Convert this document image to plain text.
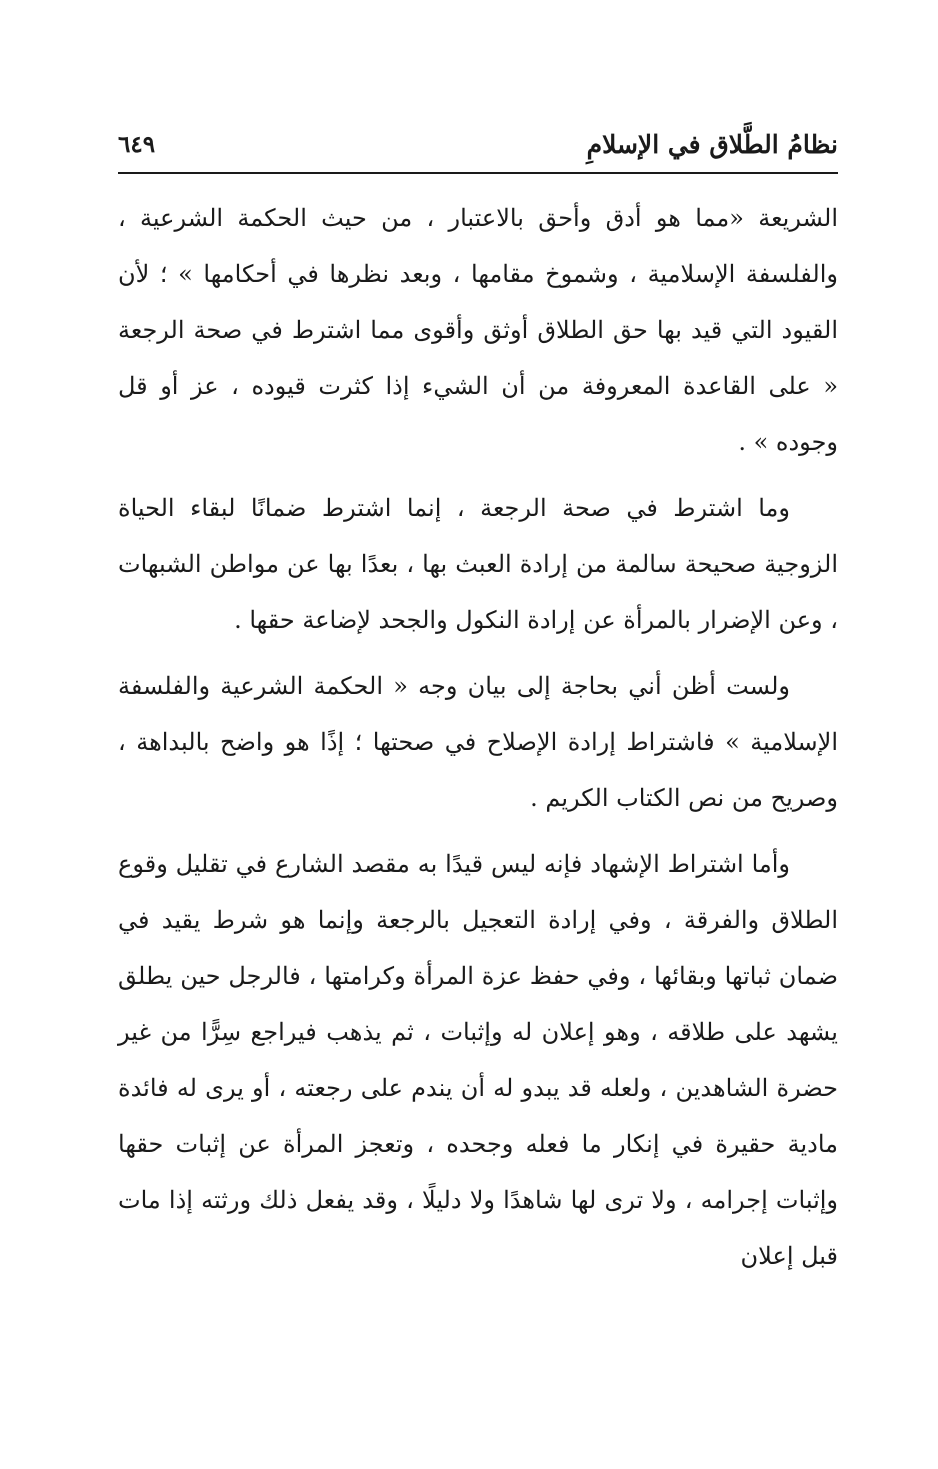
نظامُ الطَّلاق في الإسلامِ
٦٤٩

الشريعة «مما هو أدق وأحق بالاعتبار ، من حيث الحكمة الشرعية ، والفلسفة الإسلامية ، وشموخ مقامها ، وبعد نظرها في أحكامها » ؛ لأن القيود التي قيد بها حق الطلاق أوثق وأقوى مما اشترط في صحة الرجعة « على القاعدة المعروفة من أن الشيء إذا كثرت قيوده ، عز أو قل وجوده » .

وما اشترط في صحة الرجعة ، إنما اشترط ضمانًا لبقاء الحياة الزوجية صحيحة سالمة من إرادة العبث بها ، بعدًا بها عن مواطن الشبهات ، وعن الإضرار بالمرأة عن إرادة النكول والجحد لإضاعة حقها .

ولست أظن أني بحاجة إلى بيان وجه « الحكمة الشرعية والفلسفة الإسلامية » فاشتراط إرادة الإصلاح في صحتها ؛ إذًا هو واضح بالبداهة ، وصريح من نص الكتاب الكريم .

وأما اشتراط الإشهاد فإنه ليس قيدًا به مقصد الشارع في تقليل وقوع الطلاق والفرقة ، وفي إرادة التعجيل بالرجعة وإنما هو شرط يقيد في ضمان ثباتها وبقائها ، وفي حفظ عزة المرأة وكرامتها ، فالرجل حين يطلق يشهد على طلاقه ، وهو إعلان له وإثبات ، ثم يذهب فيراجع سِرًّا من غير حضرة الشاهدين ، ولعله قد يبدو له أن يندم على رجعته ، أو يرى له فائدة مادية حقيرة في إنكار ما فعله وجحده ، وتعجز المرأة عن إثبات حقها وإثبات إجرامه ، ولا ترى لها شاهدًا ولا دليلًا ، وقد يفعل ذلك ورثته إذا مات قبل إعلان
